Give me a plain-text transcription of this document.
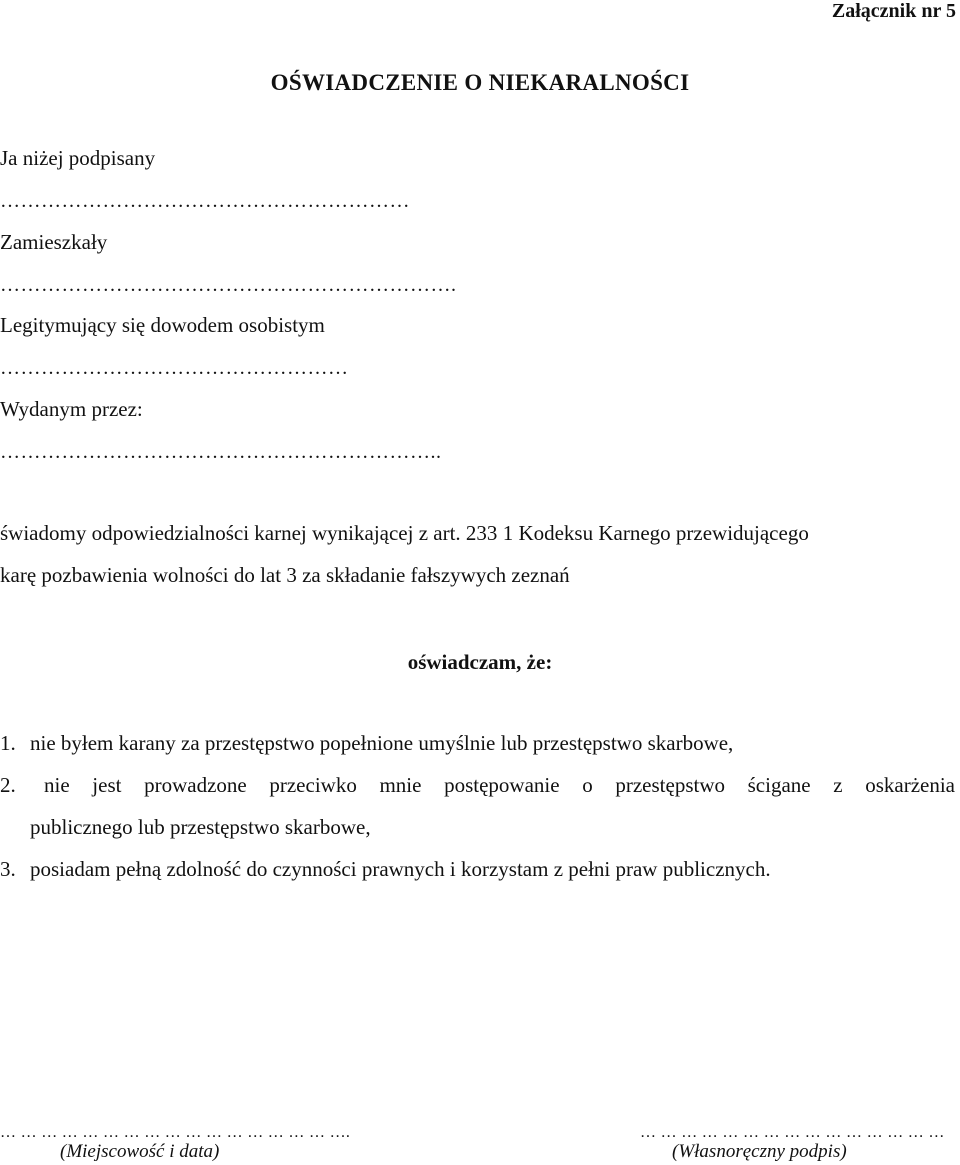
Załącznik nr 5

OŚWIADCZENIE O NIEKARALNOŚCI

Ja niżej podpisany

……………………………………………………

Zamieszkały

………………………………………………………….

Legitymujący się dowodem osobistym

……………………………………………

Wydanym przez:

………………………………………………………..

świadomy odpowiedzialności karnej wynikającej z art. 233 1 Kodeksu Karnego przewidującego

karę pozbawienia wolności do lat 3 za składanie fałszywych zeznań

oświadczam, że:

1. nie byłem karany za przestępstwo popełnione umyślnie lub przestępstwo skarbowe,

2. nie jest prowadzone przeciwko mnie postępowanie o przestępstwo ścigane z oskarżenia

publicznego lub przestępstwo skarbowe,

3. posiadam pełną zdolność do czynności prawnych i korzystam z pełni praw publicznych.

… … … … … … … … … … … … … … … … ….

(Miejscowość i data)

… … … … … … … … … … … … … … …

(Własnoręczny podpis)
